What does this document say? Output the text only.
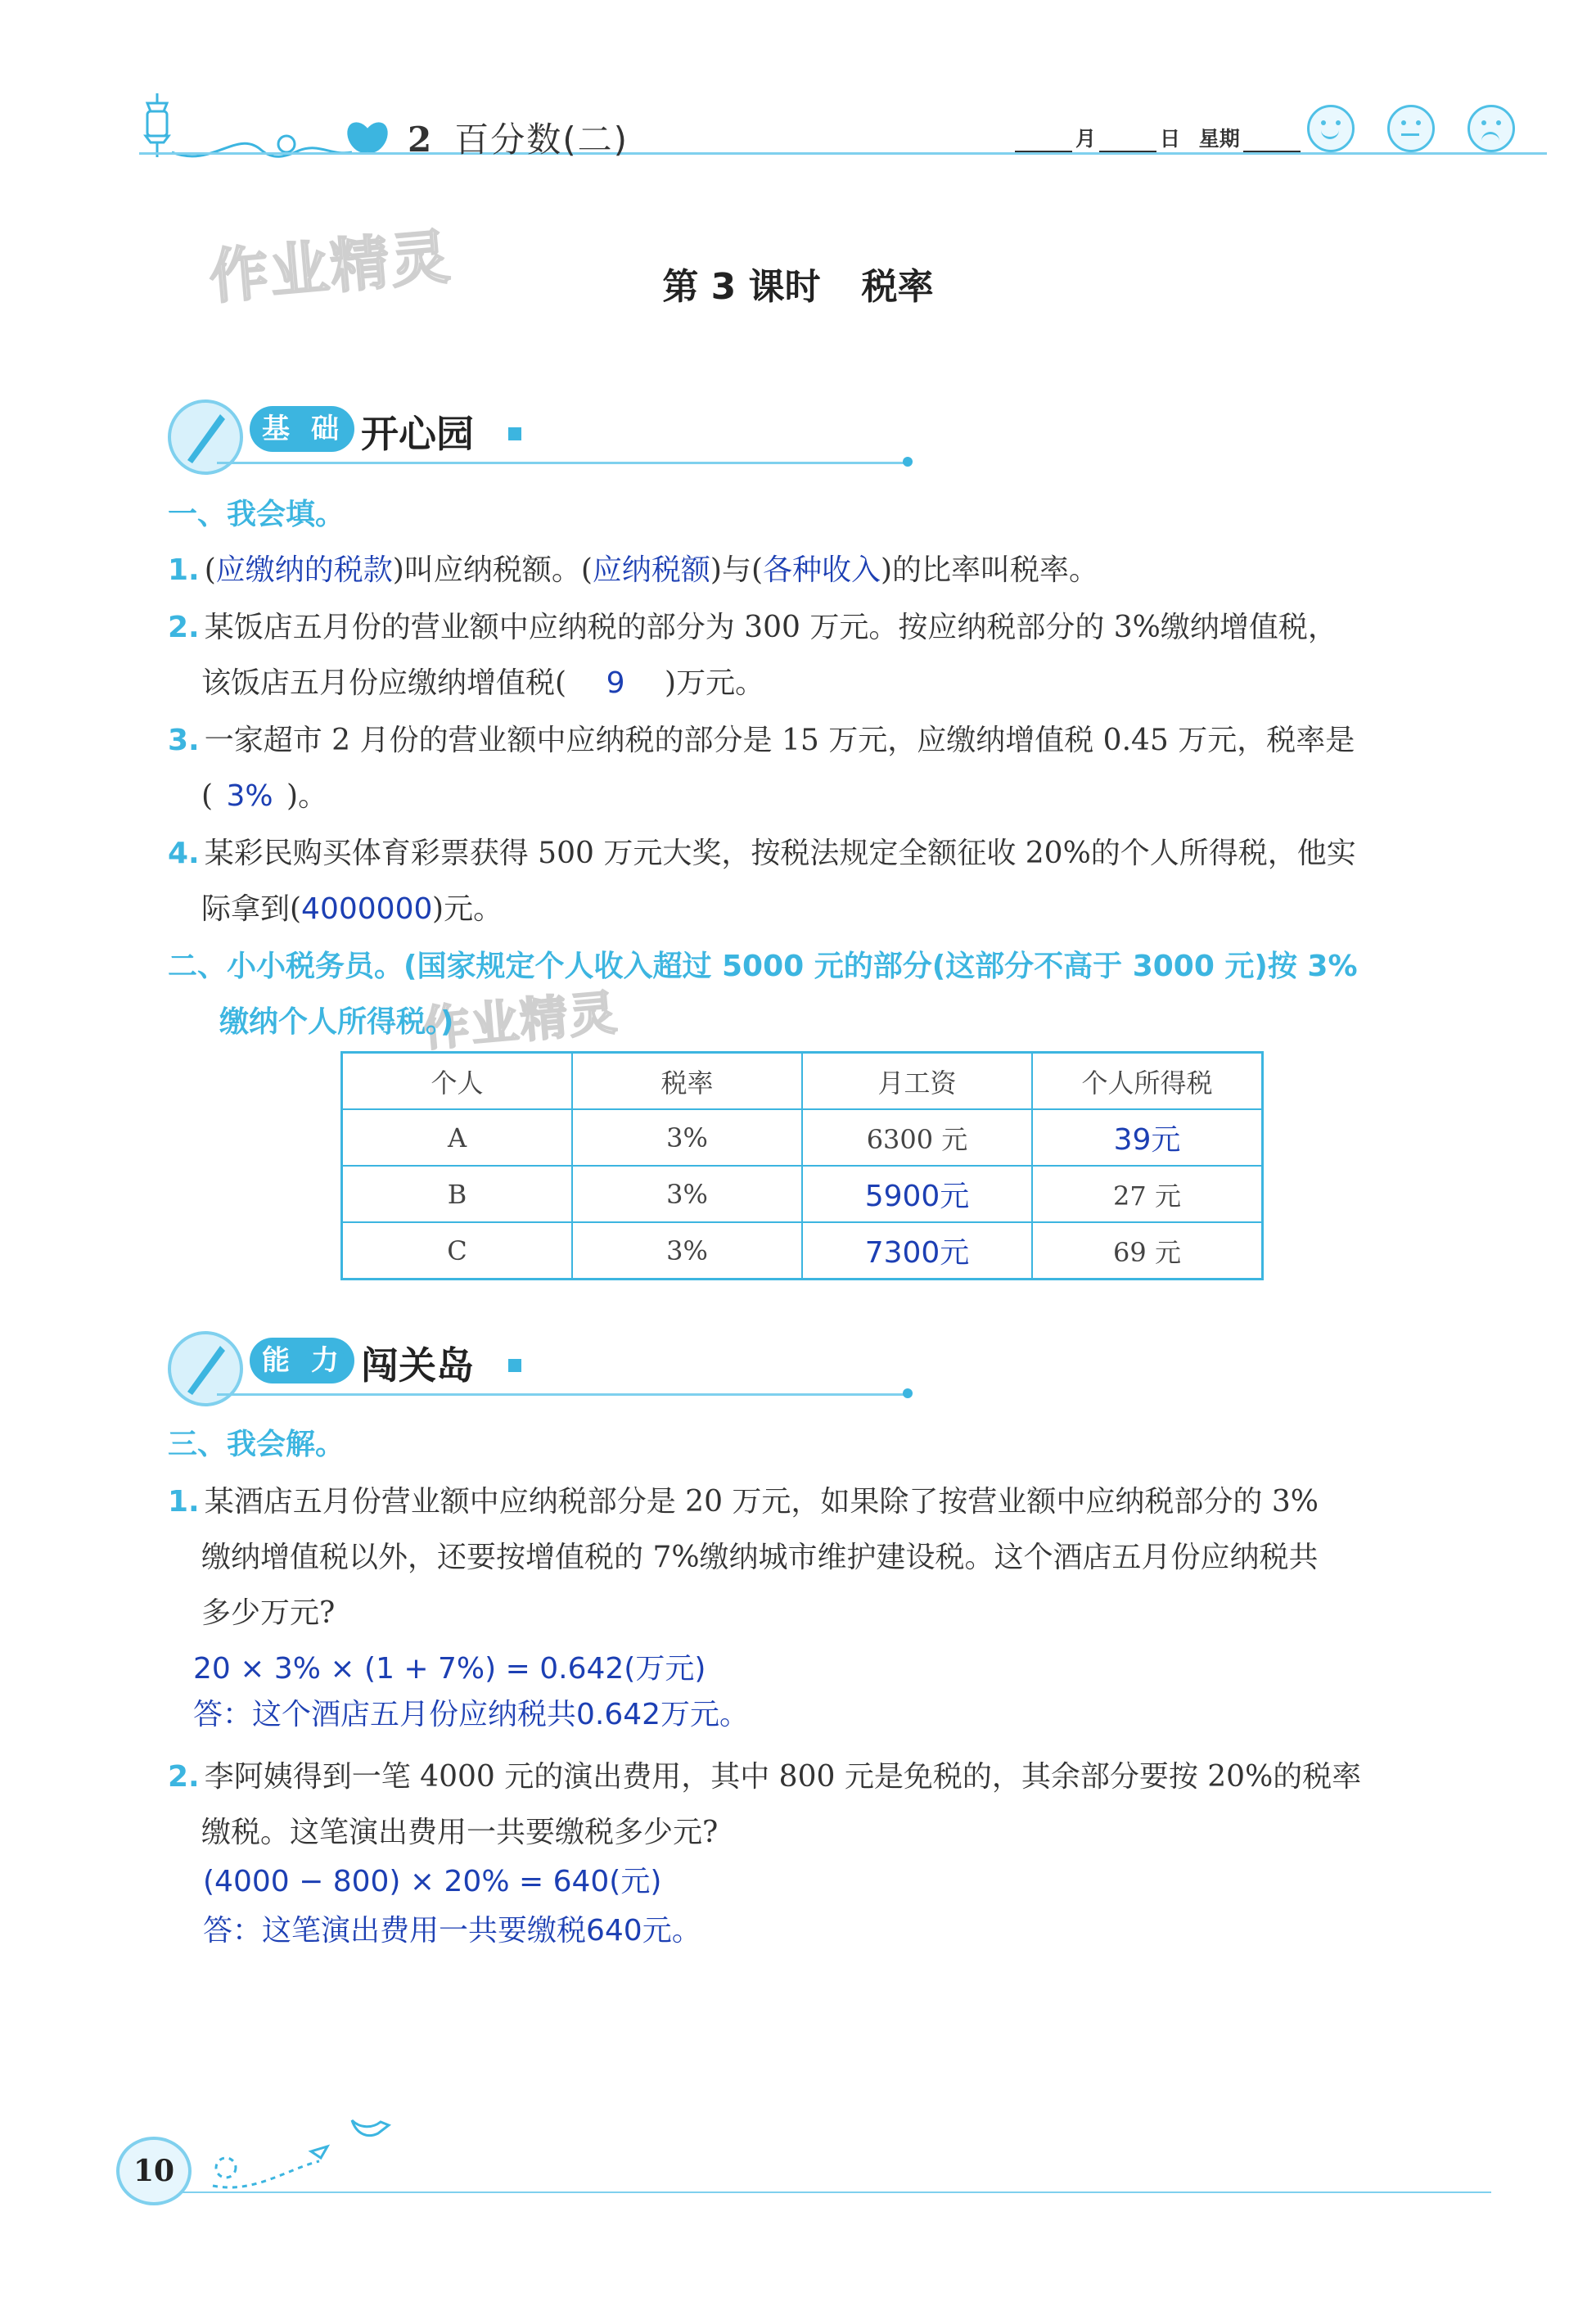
2 百分数(二)	月	日 星期
作业精灵
作业精灵
第 3 课时 税率
基 础 开心园
一、我会填。
1. (应缴纳的税款)叫应纳税额。(应纳税额)与(各种收入)的比率叫税率。
2. 某饭店五月份的营业额中应纳税的部分为 300 万元。按应纳税部分的 3%缴纳增值税，
该饭店五月份应缴纳增值税( 9 )万元。
3. 一家超市 2 月份的营业额中应纳税的部分是 15 万元，应缴纳增值税 0.45 万元，税率是
( 3% )。
4. 某彩民购买体育彩票获得 500 万元大奖，按税法规定全额征收 20%的个人所得税，他实
际拿到(4000000)元。
二、小小税务员。(国家规定个人收入超过 5000 元的部分(这部分不高于 3000 元)按 3%
缴纳个人所得税。)
个人	税率	月工资	个人所得税
A	3%	6300 元	39元
B	3%	5900元	27 元
C	3%	7300元	69 元
能 力 闯关岛
三、我会解。
1. 某酒店五月份营业额中应纳税部分是 20 万元，如果除了按营业额中应纳税部分的 3%
缴纳增值税以外，还要按增值税的 7%缴纳城市维护建设税。这个酒店五月份应纳税共
多少万元?
20 × 3% × (1 + 7%) = 0.642(万元)
答：这个酒店五月份应纳税共0.642万元。
2. 李阿姨得到一笔 4000 元的演出费用，其中 800 元是免税的，其余部分要按 20%的税率
缴税。这笔演出费用一共要缴税多少元?
(4000 − 800) × 20% = 640(元)
答：这笔演出费用一共要缴税640元。
10
